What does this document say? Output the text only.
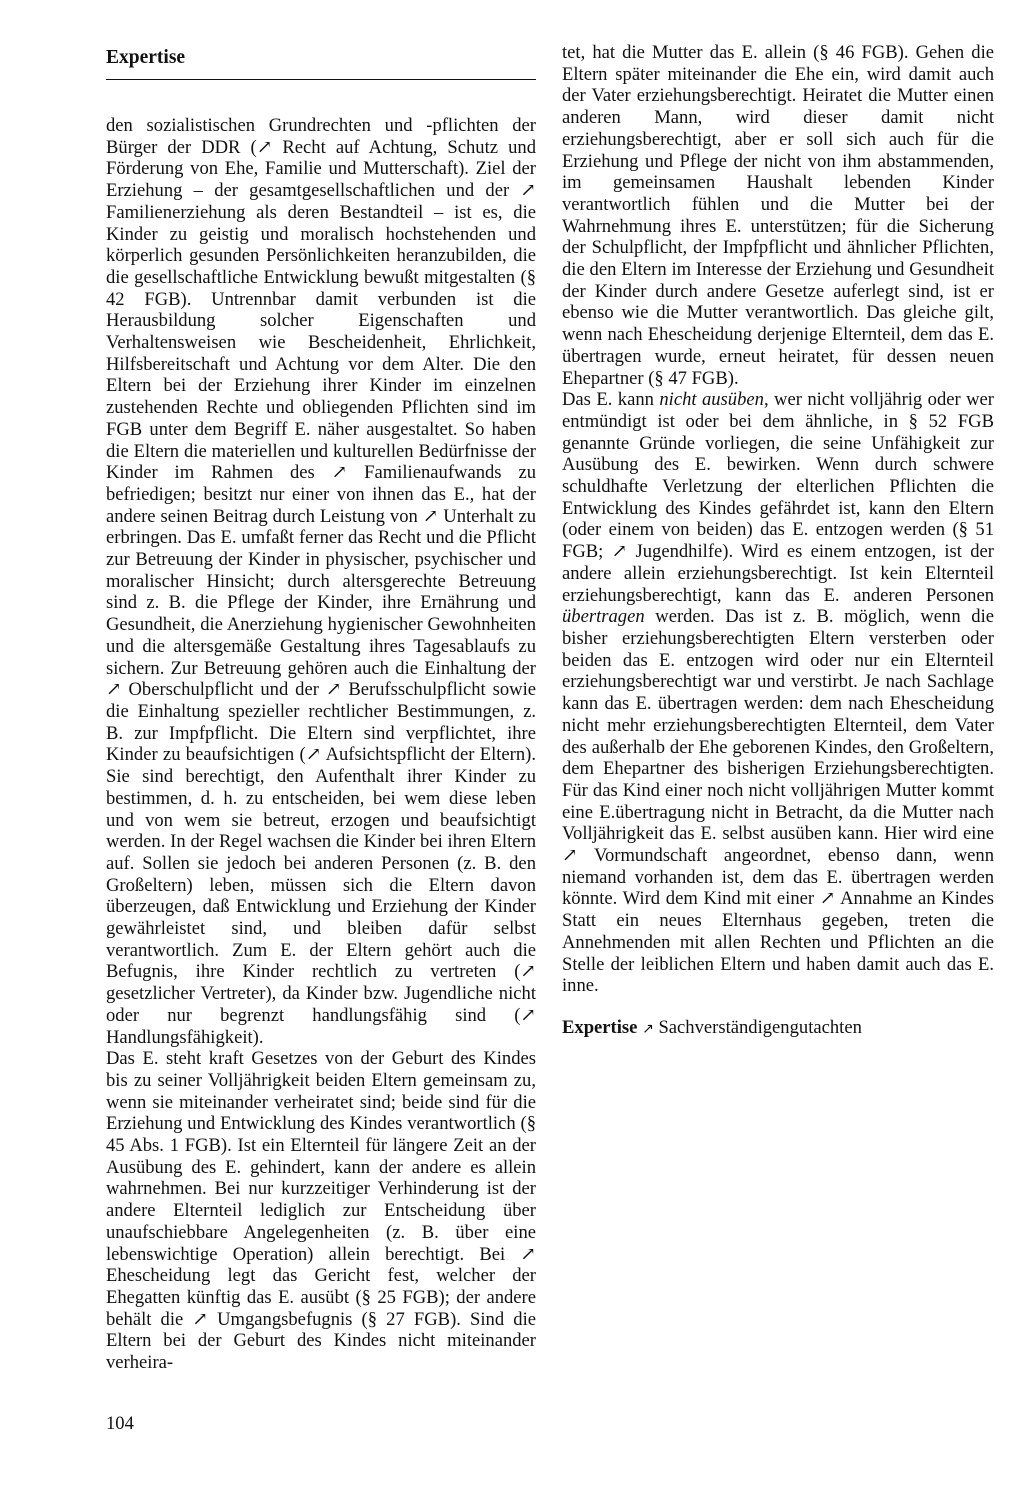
Expertise

den sozialistischen Grundrechten und -pflichten der Bürger der DDR (↗ Recht auf Achtung, Schutz und Förderung von Ehe, Familie und Mutterschaft). Ziel der Erziehung – der gesamtgesellschaftlichen und der ↗ Familienerziehung als deren Bestandteil – ist es, die Kinder zu geistig und moralisch hochstehenden und körperlich gesunden Persönlichkeiten heranzubilden, die die gesellschaftliche Entwicklung bewußt mitgestalten (§ 42 FGB). Untrennbar damit verbunden ist die Herausbildung solcher Eigenschaften und Verhaltensweisen wie Bescheidenheit, Ehrlichkeit, Hilfsbereitschaft und Achtung vor dem Alter. Die den Eltern bei der Erziehung ihrer Kinder im einzelnen zustehenden Rechte und obliegenden Pflichten sind im FGB unter dem Begriff E. näher ausgestaltet. So haben die Eltern die materiellen und kulturellen Bedürfnisse der Kinder im Rahmen des ↗ Familienaufwands zu befriedigen; besitzt nur einer von ihnen das E., hat der andere seinen Beitrag durch Leistung von ↗ Unterhalt zu erbringen. Das E. umfaßt ferner das Recht und die Pflicht zur Betreuung der Kinder in physischer, psychischer und moralischer Hinsicht; durch altersgerechte Betreuung sind z. B. die Pflege der Kinder, ihre Ernährung und Gesundheit, die Anerziehung hygienischer Gewohnheiten und die altersgemäße Gestaltung ihres Tagesablaufs zu sichern. Zur Betreuung gehören auch die Einhaltung der ↗ Oberschulpflicht und der ↗ Berufsschulpflicht sowie die Einhaltung spezieller rechtlicher Bestimmungen, z. B. zur Impfpflicht. Die Eltern sind verpflichtet, ihre Kinder zu beaufsichtigen (↗ Aufsichtspflicht der Eltern). Sie sind berechtigt, den Aufenthalt ihrer Kinder zu bestimmen, d. h. zu entscheiden, bei wem diese leben und von wem sie betreut, erzogen und beaufsichtigt werden. In der Regel wachsen die Kinder bei ihren Eltern auf. Sollen sie jedoch bei anderen Personen (z. B. den Großeltern) leben, müssen sich die Eltern davon überzeugen, daß Entwicklung und Erziehung der Kinder gewährleistet sind, und bleiben dafür selbst verantwortlich. Zum E. der Eltern gehört auch die Befugnis, ihre Kinder rechtlich zu vertreten (↗ gesetzlicher Vertreter), da Kinder bzw. Jugendliche nicht oder nur begrenzt handlungsfähig sind (↗ Handlungsfähigkeit).

Das E. steht kraft Gesetzes von der Geburt des Kindes bis zu seiner Volljährigkeit beiden Eltern gemeinsam zu, wenn sie miteinander verheiratet sind; beide sind für die Erziehung und Entwicklung des Kindes verantwortlich (§ 45 Abs. 1 FGB). Ist ein Elternteil für längere Zeit an der Ausübung des E. gehindert, kann der andere es allein wahrnehmen. Bei nur kurzzeitiger Verhinderung ist der andere Elternteil lediglich zur Entscheidung über unaufschiebbare Angelegenheiten (z. B. über eine lebenswichtige Operation) allein berechtigt. Bei ↗ Ehescheidung legt das Gericht fest, welcher der Ehegatten künftig das E. ausübt (§ 25 FGB); der andere behält die ↗ Umgangsbefugnis (§ 27 FGB). Sind die Eltern bei der Geburt des Kindes nicht miteinander verheira-

tet, hat die Mutter das E. allein (§ 46 FGB). Gehen die Eltern später miteinander die Ehe ein, wird damit auch der Vater erziehungsberechtigt. Heiratet die Mutter einen anderen Mann, wird dieser damit nicht erziehungsberechtigt, aber er soll sich auch für die Erziehung und Pflege der nicht von ihm abstammenden, im gemeinsamen Haushalt lebenden Kinder verantwortlich fühlen und die Mutter bei der Wahrnehmung ihres E. unterstützen; für die Sicherung der Schulpflicht, der Impfpflicht und ähnlicher Pflichten, die den Eltern im Interesse der Erziehung und Gesundheit der Kinder durch andere Gesetze auferlegt sind, ist er ebenso wie die Mutter verantwortlich. Das gleiche gilt, wenn nach Ehescheidung derjenige Elternteil, dem das E. übertragen wurde, erneut heiratet, für dessen neuen Ehepartner (§ 47 FGB).

Das E. kann nicht ausüben, wer nicht volljährig oder wer entmündigt ist oder bei dem ähnliche, in § 52 FGB genannte Gründe vorliegen, die seine Unfähigkeit zur Ausübung des E. bewirken. Wenn durch schwere schuldhafte Verletzung der elterlichen Pflichten die Entwicklung des Kindes gefährdet ist, kann den Eltern (oder einem von beiden) das E. entzogen werden (§ 51 FGB; ↗ Jugendhilfe). Wird es einem entzogen, ist der andere allein erziehungsberechtigt. Ist kein Elternteil erziehungsberechtigt, kann das E. anderen Personen übertragen werden. Das ist z. B. möglich, wenn die bisher erziehungsberechtigten Eltern versterben oder beiden das E. entzogen wird oder nur ein Elternteil erziehungsberechtigt war und verstirbt. Je nach Sachlage kann das E. übertragen werden: dem nach Ehescheidung nicht mehr erziehungsberechtigten Elternteil, dem Vater des außerhalb der Ehe geborenen Kindes, den Großeltern, dem Ehepartner des bisherigen Erziehungsberechtigten. Für das Kind einer noch nicht volljährigen Mutter kommt eine E.übertragung nicht in Betracht, da die Mutter nach Volljährigkeit das E. selbst ausüben kann. Hier wird eine ↗ Vormundschaft angeordnet, ebenso dann, wenn niemand vorhanden ist, dem das E. übertragen werden könnte. Wird dem Kind mit einer ↗ Annahme an Kindes Statt ein neues Elternhaus gegeben, treten die Annehmenden mit allen Rechten und Pflichten an die Stelle der leiblichen Eltern und haben damit auch das E. inne.

Expertise ↗ Sachverständigengutachten

104
